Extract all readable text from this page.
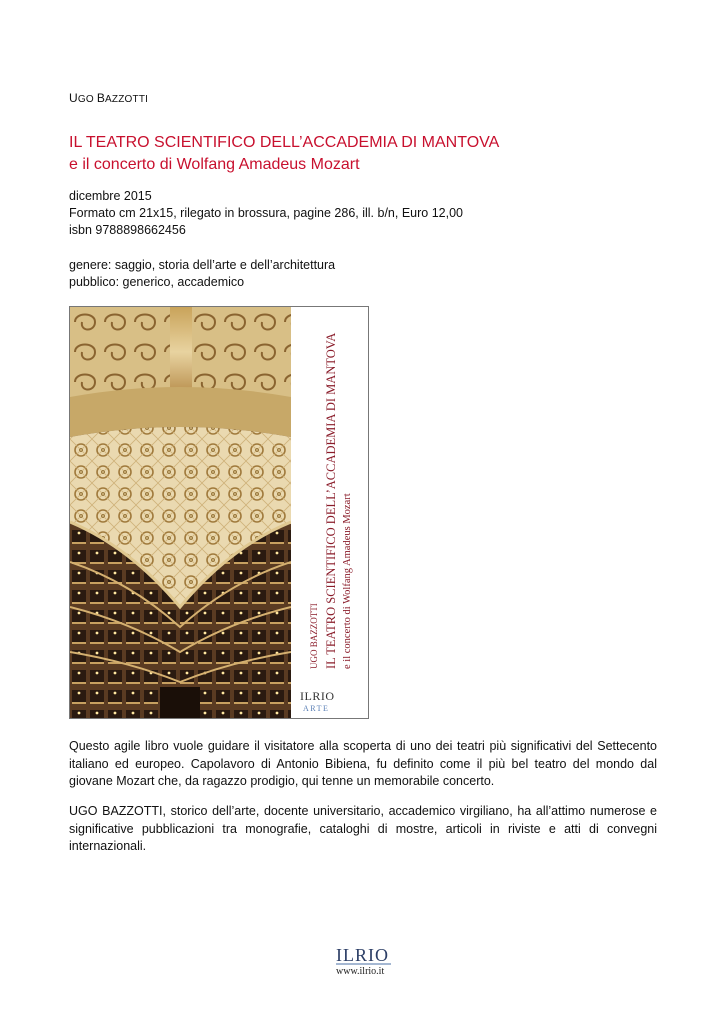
UGO BAZZOTTI
IL TEATRO SCIENTIFICO DELL’ACCADEMIA DI MANTOVA
e il concerto di Wolfang Amadeus Mozart
dicembre 2015
Formato cm 21x15, rilegato in brossura, pagine 286, ill. b/n, Euro 12,00
isbn 9788898662456
genere: saggio, storia dell’arte e dell’architettura
pubblico: generico, accademico
UGO BAZZOTTI IL TEATRO SCIENTIFICO DELL’ACCADEMIA DI MANTOVA e il concerto di Wolfang Amadeus Mozart
ILRIO
ARTE
Questo agile libro vuole guidare il visitatore alla scoperta di uno dei teatri più significativi del Settecento italiano ed europeo. Capolavoro di Antonio Bibiena, fu definito come il più bel teatro del mondo dal giovane Mozart che, da ragazzo prodigio, qui tenne un memorabile concerto.
UGO BAZZOTTI, storico dell’arte, docente universitario, accademico virgiliano, ha all’attimo numerose e significative pubblicazioni tra monografie, cataloghi di mostre, articoli in riviste e atti di convegni internazionali.
ILRIO
www.ilrio.it
